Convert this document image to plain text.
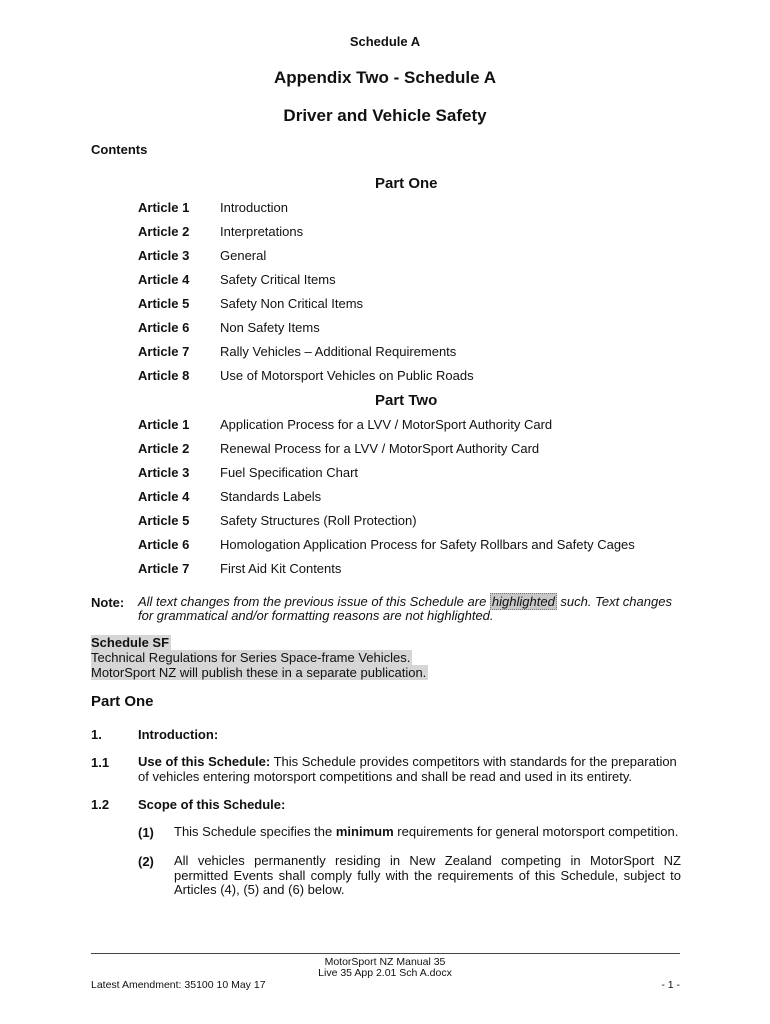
Schedule A
Appendix Two - Schedule A
Driver and Vehicle Safety
Contents
Part One
Article 1 Introduction
Article 2 Interpretations
Article 3 General
Article 4 Safety Critical Items
Article 5 Safety Non Critical Items
Article 6 Non Safety Items
Article 7 Rally Vehicles – Additional Requirements
Article 8 Use of Motorsport Vehicles on Public Roads
Part Two
Article 1 Application Process for a LVV / MotorSport Authority Card
Article 2 Renewal Process for a LVV / MotorSport Authority Card
Article 3 Fuel Specification Chart
Article 4 Standards Labels
Article 5 Safety Structures (Roll Protection)
Article 6 Homologation Application Process for Safety Rollbars and Safety Cages
Article 7 First Aid Kit Contents
Note: All text changes from the previous issue of this Schedule are highlighted such. Text changes for grammatical and/or formatting reasons are not highlighted.
Schedule SF
Technical Regulations for Series Space-frame Vehicles.
MotorSport NZ will publish these in a separate publication.
Part One
1.	Introduction:
1.1 Use of this Schedule: This Schedule provides competitors with standards for the preparation of vehicles entering motorsport competitions and shall be read and used in its entirety.
1.2 Scope of this Schedule:
(1) This Schedule specifies the minimum requirements for general motorsport competition.
(2) All vehicles permanently residing in New Zealand competing in MotorSport NZ permitted Events shall comply fully with the requirements of this Schedule, subject to Articles (4), (5) and (6) below.
MotorSport NZ Manual 35
Live 35 App 2.01 Sch A.docx
Latest Amendment: 35100 10 May 17	- 1 -
